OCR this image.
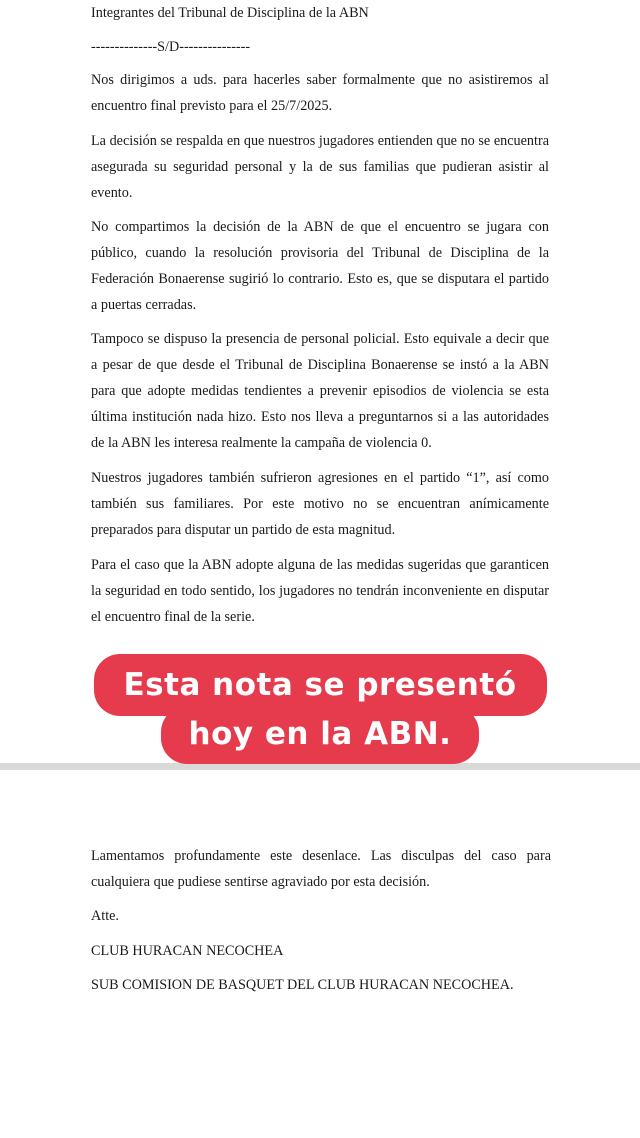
Integrantes del Tribunal de Disciplina de la ABN

--------------S/D---------------

Nos dirigimos a uds. para hacerles saber formalmente que no asistiremos al encuentro final previsto para el 25/7/2025.

La decisión se respalda en que nuestros jugadores entienden que no se encuentra asegurada su seguridad personal y la de sus familias que pudieran asistir al evento.

No compartimos la decisión de la ABN de que el encuentro se jugara con público, cuando la resolución provisoria del Tribunal de Disciplina de la Federación Bonaerense sugirió lo contrario. Esto es, que se disputara el partido a puertas cerradas.

Tampoco se dispuso la presencia de personal policial. Esto equivale a decir que a pesar de que desde el Tribunal de Disciplina Bonaerense se instó a la ABN para que adopte medidas tendientes a prevenir episodios de violencia se esta última institución nada hizo. Esto nos lleva a preguntarnos si a las autoridades de la ABN les interesa realmente la campaña de violencia 0.

Nuestros jugadores también sufrieron agresiones en el partido “1”, así como también sus familiares. Por este motivo no se encuentran anímicamente preparados para disputar un partido de esta magnitud.

Para el caso que la ABN adopte alguna de las medidas sugeridas que garanticen la seguridad en todo sentido, los jugadores no tendrán inconveniente en disputar el encuentro final de la serie.

Esta nota se presentó
hoy en la ABN.

Lamentamos profundamente este desenlace. Las disculpas del caso para cualquiera que pudiese sentirse agraviado por esta decisión.

Atte.

CLUB HURACAN NECOCHEA

SUB COMISION DE BASQUET DEL CLUB HURACAN NECOCHEA.
